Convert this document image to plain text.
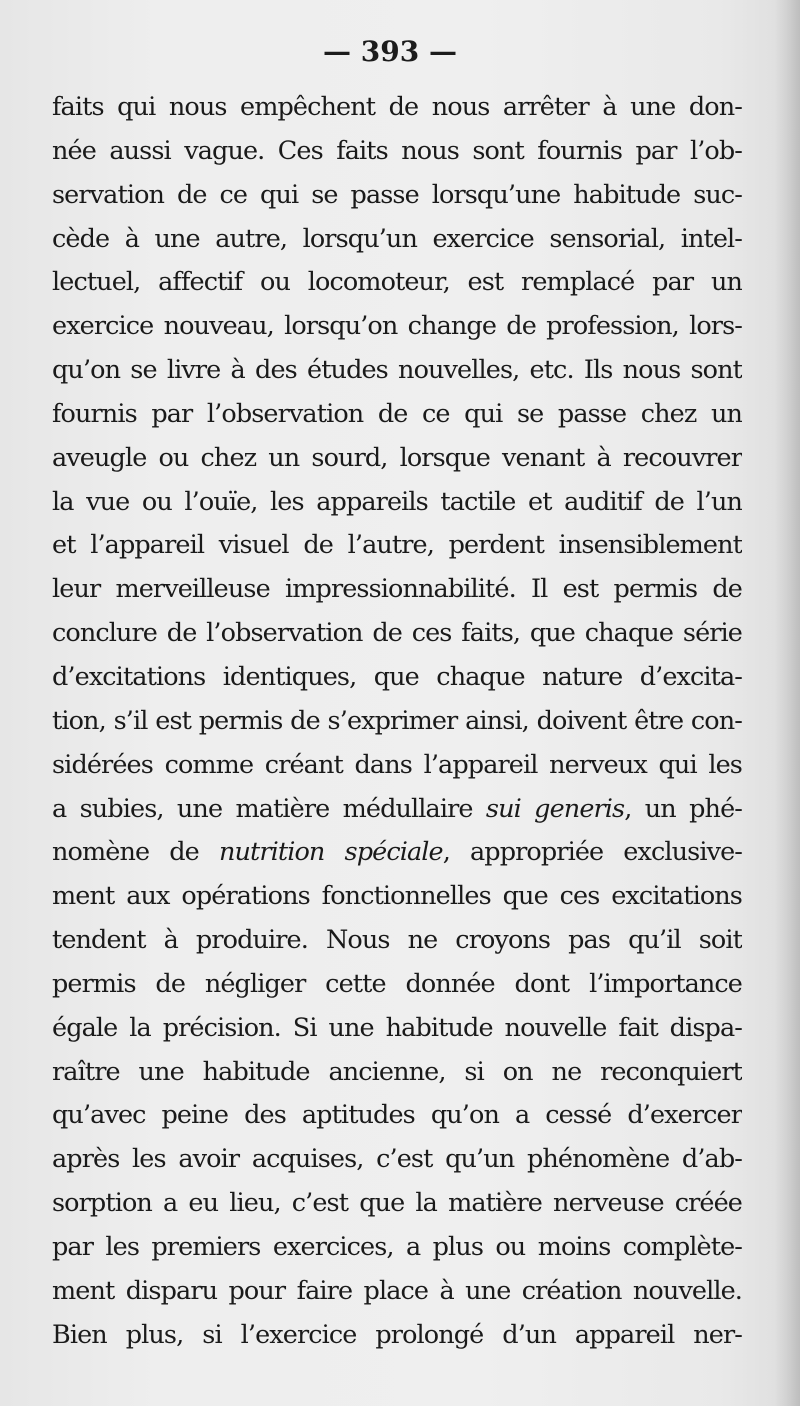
— 393 —
faits qui nous empêchent de nous arrêter à une don-
née aussi vague. Ces faits nous sont fournis par l’ob-
servation de ce qui se passe lorsqu’une habitude suc-
cède à une autre, lorsqu’un exercice sensorial, intel-
lectuel, affectif ou locomoteur, est remplacé par un
exercice nouveau, lorsqu’on change de profession, lors-
qu’on se livre à des études nouvelles, etc. Ils nous sont
fournis par l’observation de ce qui se passe chez un
aveugle ou chez un sourd, lorsque venant à recouvrer
la vue ou l’ouïe, les appareils tactile et auditif de l’un
et l’appareil visuel de l’autre, perdent insensiblement
leur merveilleuse impressionnabilité. Il est permis de
conclure de l’observation de ces faits, que chaque série
d’excitations identiques, que chaque nature d’excita-
tion, s’il est permis de s’exprimer ainsi, doivent être con-
sidérées comme créant dans l’appareil nerveux qui les
a subies, une matière médullaire sui generis, un phé-
nomène de nutrition spéciale, appropriée exclusive-
ment aux opérations fonctionnelles que ces excitations
tendent à produire. Nous ne croyons pas qu’il soit
permis de négliger cette donnée dont l’importance
égale la précision. Si une habitude nouvelle fait dispa-
raître une habitude ancienne, si on ne reconquiert
qu’avec peine des aptitudes qu’on a cessé d’exercer
après les avoir acquises, c’est qu’un phénomène d’ab-
sorption a eu lieu, c’est que la matière nerveuse créée
par les premiers exercices, a plus ou moins complète-
ment disparu pour faire place à une création nouvelle.
Bien plus, si l’exercice prolongé d’un appareil ner-
